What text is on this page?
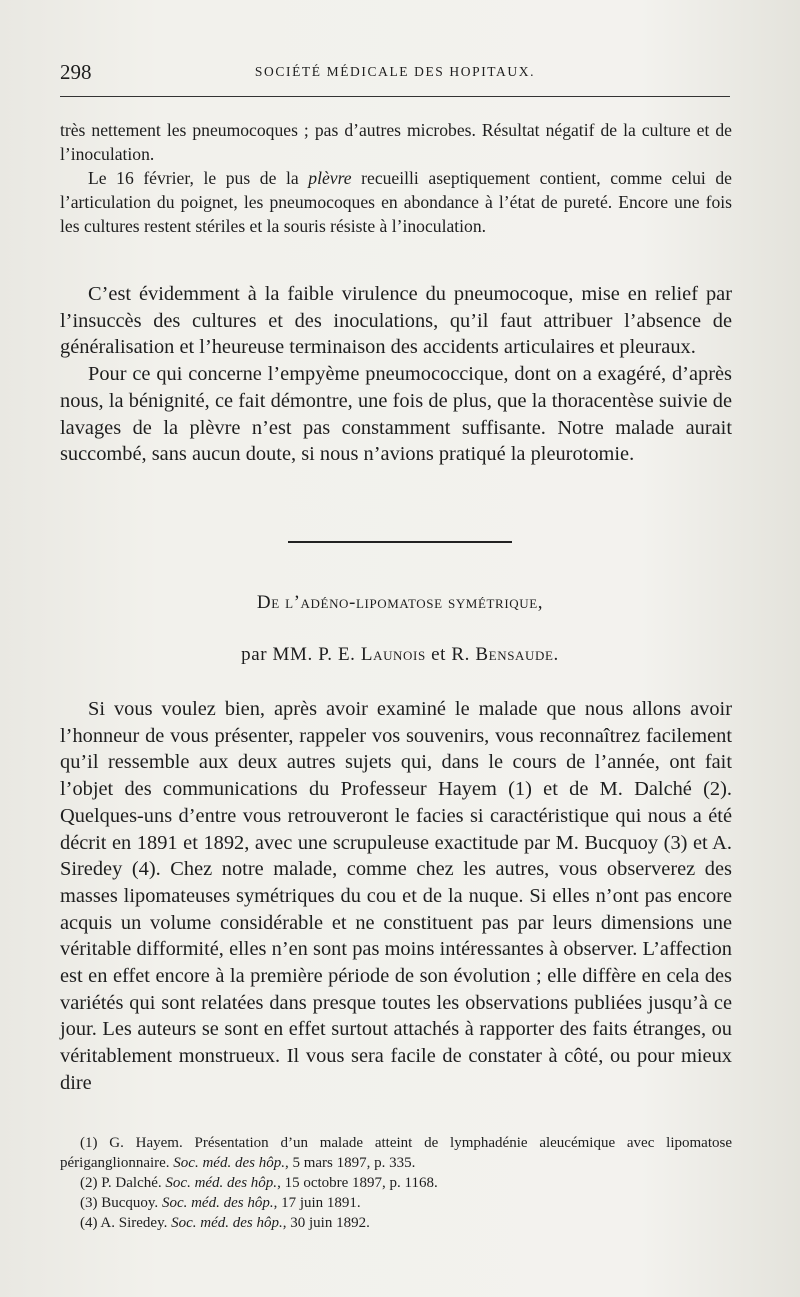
298	SOCIÉTÉ MÉDICALE DES HOPITAUX.

très nettement les pneumocoques ; pas d’autres microbes. Résultat négatif de la culture et de l’inoculation.

Le 16 février, le pus de la plèvre recueilli aseptiquement contient, comme celui de l’articulation du poignet, les pneumocoques en abondance à l’état de pureté. Encore une fois les cultures restent stériles et la souris résiste à l’inoculation.

C’est évidemment à la faible virulence du pneumocoque, mise en relief par l’insuccès des cultures et des inoculations, qu’il faut attribuer l’absence de généralisation et l’heureuse terminaison des accidents articulaires et pleuraux.

Pour ce qui concerne l’empyème pneumococcique, dont on a exagéré, d’après nous, la bénignité, ce fait démontre, une fois de plus, que la thoracentèse suivie de lavages de la plèvre n’est pas constamment suffisante. Notre malade aurait succombé, sans aucun doute, si nous n’avions pratiqué la pleurotomie.

De l’adéno-lipomatose symétrique,
par MM. P. E. Launois et R. Bensaude.

Si vous voulez bien, après avoir examiné le malade que nous allons avoir l’honneur de vous présenter, rappeler vos souvenirs, vous reconnaîtrez facilement qu’il ressemble aux deux autres sujets qui, dans le cours de l’année, ont fait l’objet des communications du Professeur Hayem (1) et de M. Dalché (2). Quelques-uns d’entre vous retrouveront le facies si caractéristique qui nous a été décrit en 1891 et 1892, avec une scrupuleuse exactitude par M. Bucquoy (3) et A. Siredey (4). Chez notre malade, comme chez les autres, vous observerez des masses lipomateuses symétriques du cou et de la nuque. Si elles n’ont pas encore acquis un volume considérable et ne constituent pas par leurs dimensions une véritable difformité, elles n’en sont pas moins intéressantes à observer. L’affection est en effet encore à la première période de son évolution ; elle diffère en cela des variétés qui sont relatées dans presque toutes les observations publiées jusqu’à ce jour. Les auteurs se sont en effet surtout attachés à rapporter des faits étranges, ou véritablement monstrueux. Il vous sera facile de constater à côté, ou pour mieux dire

(1) G. Hayem. Présentation d’un malade atteint de lymphadénie aleucémique avec lipomatose périganglionnaire. Soc. méd. des hôp., 5 mars 1897, p. 335.

(2) P. Dalché. Soc. méd. des hôp., 15 octobre 1897, p. 1168.

(3) Bucquoy. Soc. méd. des hôp., 17 juin 1891.

(4) A. Siredey. Soc. méd. des hôp., 30 juin 1892.
